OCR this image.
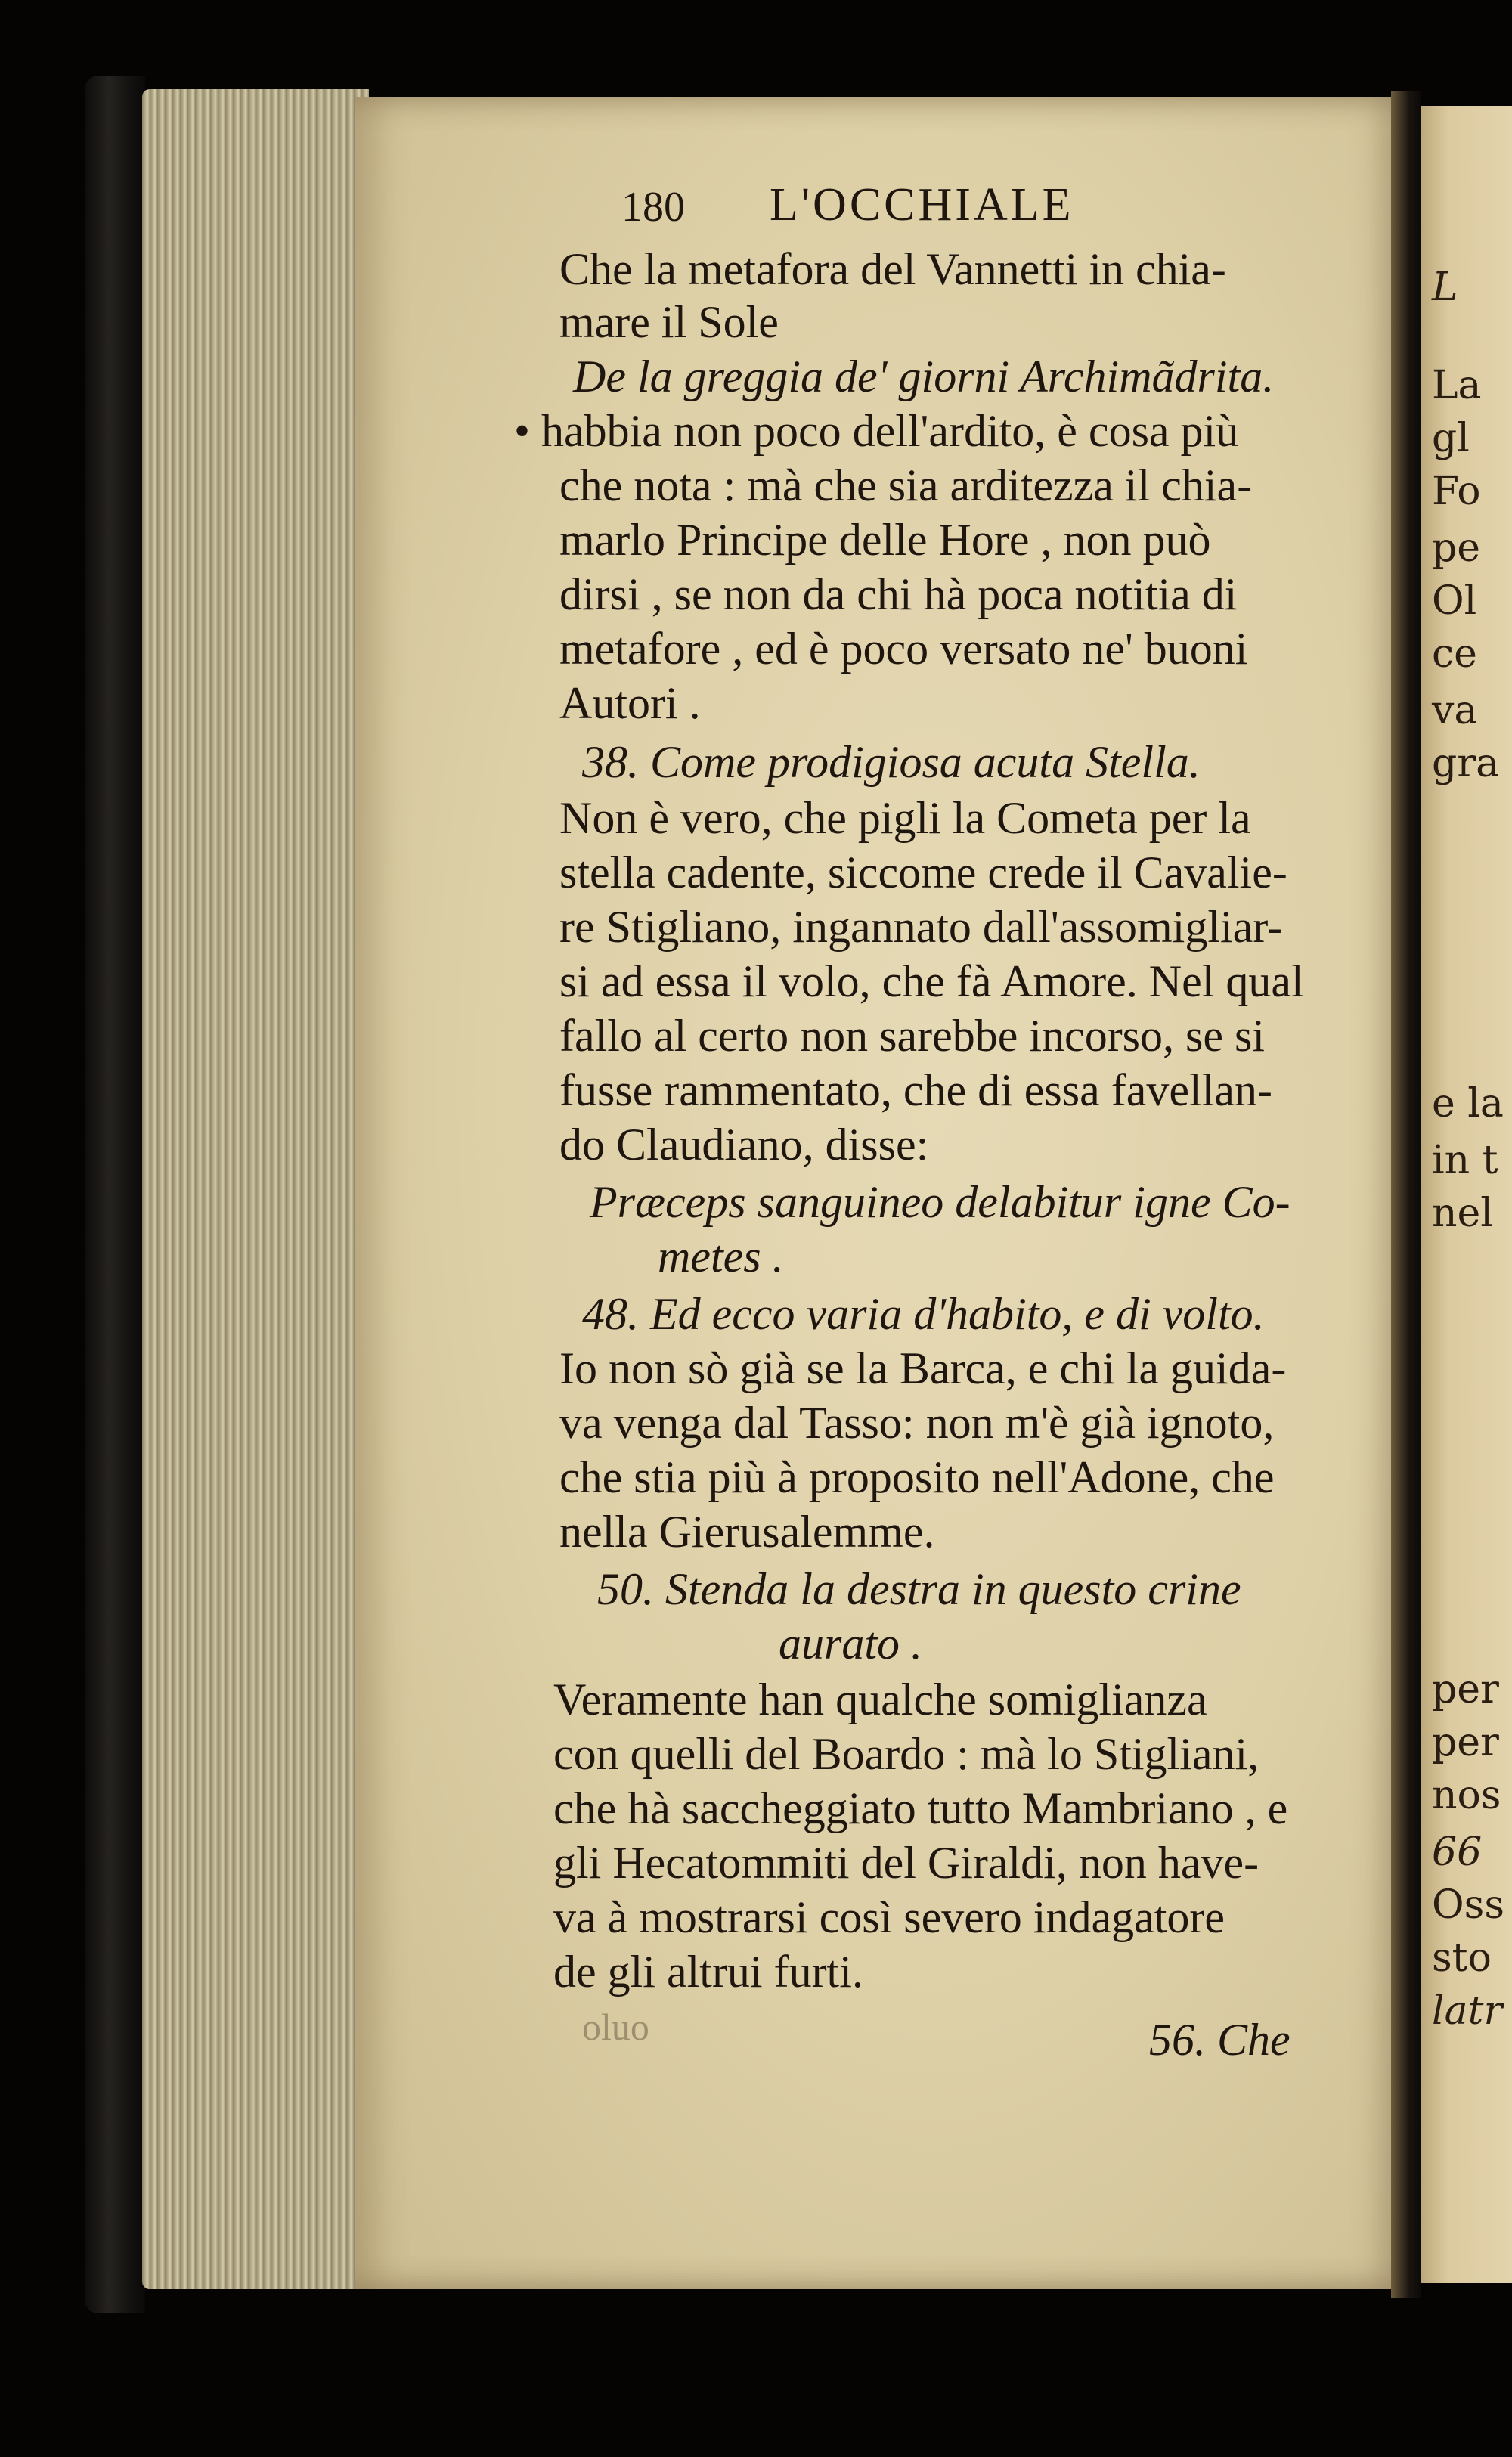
180 L'OCCHIALE
Che la metafora del Vannetti in chia-
mare il Sole
De la greggia de' giorni Archimãdrita.
• habbia non poco dell'ardito, è cosa più
che nota : mà che sia arditezza il chia-
marlo Principe delle Hore , non può
dirsi , se non da chi hà poca notitia di
metafore , ed è poco versato ne' buoni
Autori .
38. Come prodigiosa acuta Stella.
Non è vero, che pigli la Cometa per la
stella cadente, siccome crede il Cavalie-
re Stigliano, ingannato dall'assomigliar-
si ad essa il volo, che fà Amore. Nel qual
fallo al certo non sarebbe incorso, se si
fusse rammentato, che di essa favellan-
do Claudiano, disse:
Præceps sanguineo delabitur igne Co-
metes .
48. Ed ecco varia d'habito, e di volto.
Io non sò già se la Barca, e chi la guida-
va venga dal Tasso: non m'è già ignoto,
che stia più à proposito nell'Adone, che
nella Gierusalemme.
50. Stenda la destra in questo crine
aurato .
Veramente han qualche somiglianza
con quelli del Boardo : mà lo Stigliani,
che hà saccheggiato tutto Mambriano , e
gli Hecatommiti del Giraldi, non have-
va à mostrarsi così severo indagatore
de gli altrui furti.
oluo	56. Che
L
La
gl
Fo
pe
Ol
ce
va
gra
e la
in t
nel
per
per
nos
66
Oss
sto
latr
